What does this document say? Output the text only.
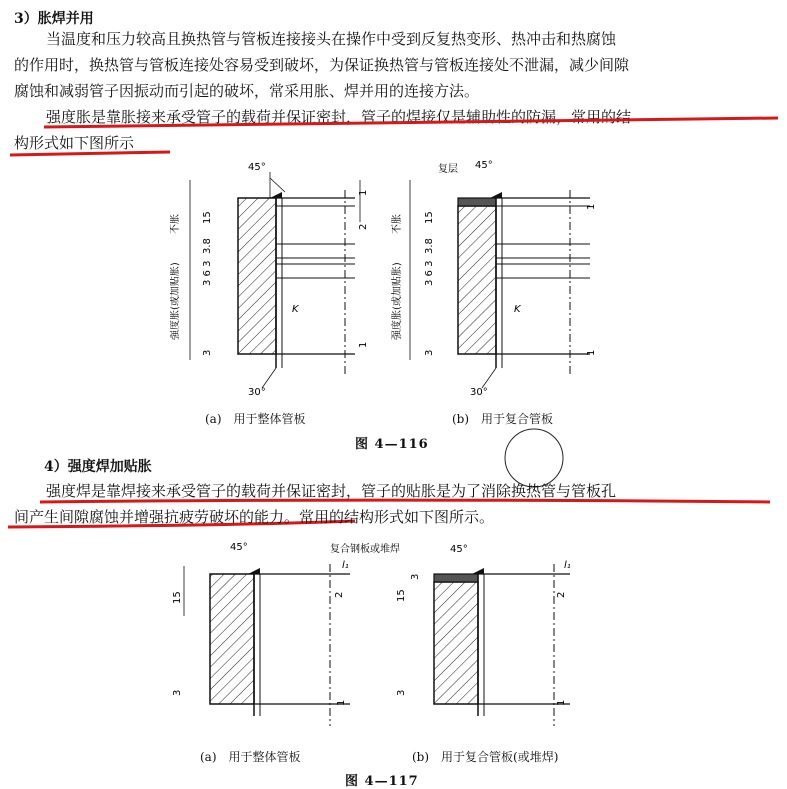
3）胀焊并用
当温度和压力较高且换热管与管板连接接头在操作中受到反复热变形、热冲击和热腐蚀
的作用时，换热管与管板连接处容易受到破坏，为保证换热管与管板连接处不泄漏，减少间隙
腐蚀和减弱管子因振动而引起的破坏，常采用胀、焊并用的连接方法。
强度胀是靠胀接来承受管子的载荷并保证密封，管子的焊接仅是辅助性的防漏，常用的结
构形式如下图所示
45°
30°
不胀
强度胀(或加贴胀)
15
3.8
3 6 3
3
K
1
2
1
复层 45°
30°
不胀
强度胀(或加贴胀)
15
3.8
3 6 3
3
K
1
1
(a)　用于整体管板	(b)　用于复合管板
图 4—116
4）强度焊加贴胀
强度焊是靠焊接来承受管子的载荷并保证密封，管子的贴胀是为了消除换热管与管板孔
间产生间隙腐蚀并增强抗疲劳破坏的能力。常用的结构形式如下图所示。
45°
15
3
l₁
2
1
复合钢板或堆焊	45°
15
3
3
l₁
2
1
(a)　用于整体管板	(b)　用于复合管板(或堆焊)
图 4—117
